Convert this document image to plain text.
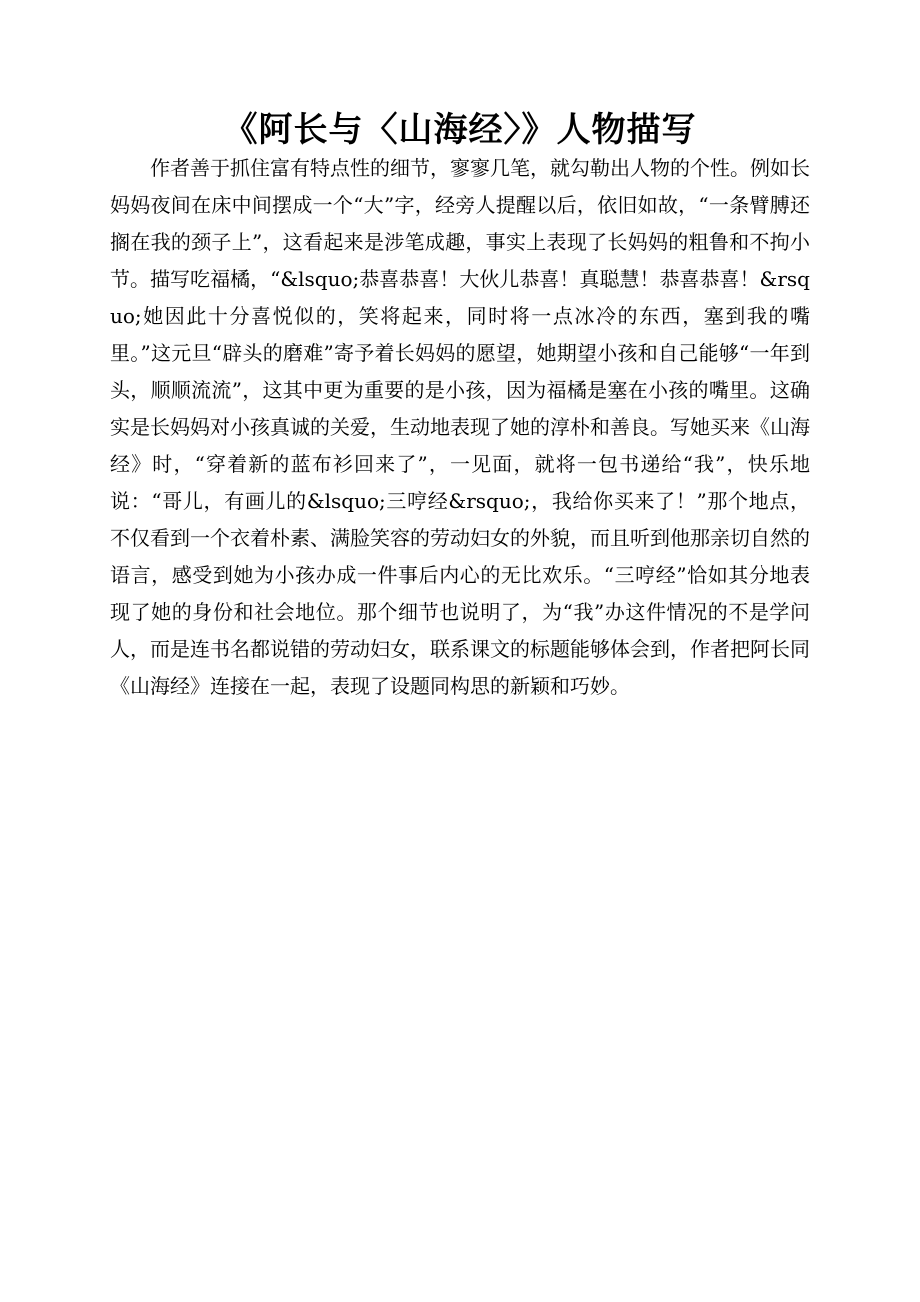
《阿长与〈山海经〉》人物描写

作者善于抓住富有特点性的细节，寥寥几笔，就勾勒出人物的个性。例如长妈妈夜间在床中间摆成一个“大”字，经旁人提醒以后，依旧如故，“一条臂膊还搁在我的颈子上”，这看起来是涉笔成趣，事实上表现了长妈妈的粗鲁和不拘小节。描写吃福橘，“&lsquo;恭喜恭喜！大伙儿恭喜！真聪慧！恭喜恭喜！&rsquo;她因此十分喜悦似的，笑将起来，同时将一点冰冷的东西，塞到我的嘴里。”这元旦“辟头的磨难”寄予着长妈妈的愿望，她期望小孩和自己能够“一年到头，顺顺流流”，这其中更为重要的是小孩，因为福橘是塞在小孩的嘴里。这确实是长妈妈对小孩真诚的关爱，生动地表现了她的淳朴和善良。写她买来《山海经》时，“穿着新的蓝布衫回来了”，一见面，就将一包书递给“我”，快乐地说：“哥儿，有画儿的&lsquo;三哼经&rsquo;，我给你买来了！”那个地点，不仅看到一个衣着朴素、满脸笑容的劳动妇女的外貌，而且听到他那亲切自然的语言，感受到她为小孩办成一件事后内心的无比欢乐。“三哼经”恰如其分地表现了她的身份和社会地位。那个细节也说明了，为“我”办这件情况的不是学问人，而是连书名都说错的劳动妇女，联系课文的标题能够体会到，作者把阿长同《山海经》连接在一起，表现了设题同构思的新颖和巧妙。
